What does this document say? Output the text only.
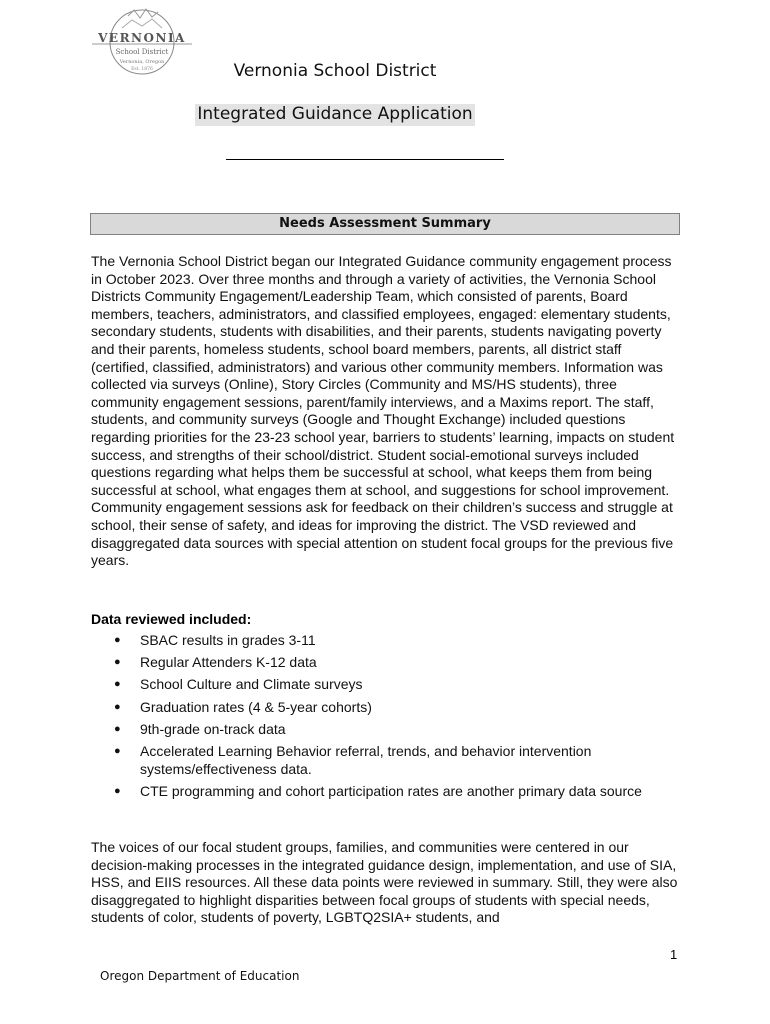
VERNONIA
School District
Vernonia, Oregon
Est. 1876	Vernonia School District
Integrated Guidance Application
Needs Assessment Summary
The Vernonia School District began our Integrated Guidance community engagement process in October 2023. Over three months and through a variety of activities, the Vernonia School Districts Community Engagement/Leadership Team, which consisted of parents, Board members, teachers, administrators, and classified employees, engaged: elementary students, secondary students, students with disabilities, and their parents, students navigating poverty and their parents, homeless students, school board members, parents, all district staff (certified, classified, administrators) and various other community members. Information was collected via surveys (Online), Story Circles (Community and MS/HS students), three community engagement sessions, parent/family interviews, and a Maxims report. The staff, students, and community surveys (Google and Thought Exchange) included questions regarding priorities for the 23-23 school year, barriers to students’ learning, impacts on student success, and strengths of their school/district. Student social-emotional surveys included questions regarding what helps them be successful at school, what keeps them from being successful at school, what engages them at school, and suggestions for school improvement. Community engagement sessions ask for feedback on their children’s success and struggle at school, their sense of safety, and ideas for improving the district. The VSD reviewed and disaggregated data sources with special attention on student focal groups for the previous five years.
Data reviewed included:
● SBAC results in grades 3-11
● Regular Attenders K-12 data
● School Culture and Climate surveys
● Graduation rates (4 & 5-year cohorts)
● 9th-grade on-track data
● Accelerated Learning Behavior referral, trends, and behavior intervention    systems/effectiveness data.
● CTE programming and cohort participation rates are another primary data source
The voices of our focal student groups, families, and communities were centered in our decision-making processes in the integrated guidance design, implementation, and use of SIA, HSS, and EIIS resources. All these data points were reviewed in summary. Still, they were also disaggregated to highlight disparities between focal groups of students with special needs, students of color, students of poverty, LGBTQ2SIA+ students, and
1
Oregon Department of Education
